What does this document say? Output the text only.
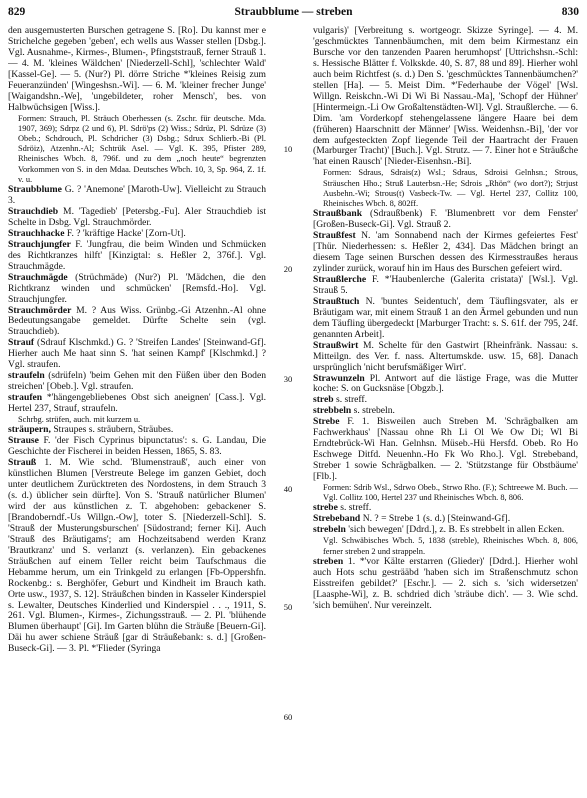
829	Straubblume — streben	830

den ausgemusterten Burschen getragene S. [Ro]. Du kannst mer e Strichelche gegeben 'geben', ech wells aus Wasser stellen [Dsbg.]. Vgl. Ausnahme-, Kirmes-, Blumen-, Pfingststrauß, ferner Strauß 1. — 4. M. 'kleines Wäldchen' [Niederzell-Schl], 'schlechter Wald' [Kassel-Ge]. — 5. (Nur?) Pl. dörre Striche *'kleines Reisig zum Feueranzünden' [Wingeshsn.-Wi]. — 6. M. 'kleiner frecher Junge' [Waigandshn.-We], 'ungebildeter, roher Mensch', bes. von Halbwüchsigen [Wiss.].

Formen: Strauch, Pl. Sträuch Oberhessen (s. Zschr. für deutsche. Mda. 1907, 369); Sdrpz (2 und 6), Pl. Sdrö'ps (2) Wiss.; Sdrüz, Pl. Sdrüze (3) Obeb.; Schdrouch, Pl. Schdricher (3) Dsbg.; Sdrux Schlierb.-Bi (Pl. Sdröiz), Atzenhn.-Al; Schtrük Asel. — Vgl. K. 395, Pfister 289, Rheinisches Wbch. 8, 796f. und zu dem „noch heute“ begrenzten Vorkommen von S. in den Mdaa. Deutsches Wbch. 10, 3, Sp. 964, Z. 1f. v. u.

Straubblume G. ? 'Anemone' [Maroth-Uw]. Vielleicht zu Strauch 3.

Strauchdieb M. 'Tagedieb' [Petersbg.-Fu]. Aler Strauchdieb ist Schelte in Dsbg. Vgl. Strauchmörder.

Strauchhacke F. ? 'kräftige Hacke' [Zorn-Ut].

Strauchjungfer F. 'Jungfrau, die beim Winden und Schmücken des Richtkranzes hilft' [Kinzigtal: s. Heßler 2, 376f.]. Vgl. Strauchmägde.

Strauchmägde (Strüchmäde) (Nur?) Pl. 'Mädchen, die den Richtkranz winden und schmücken' [Remsfd.-Ho]. Vgl. Strauchjungfer.

Strauchmörder M. ? Aus Wiss. Grünbg.-Gi Atzenhn.-Al ohne Bedeutungsangabe gemeldet. Dürfte Schelte sein (vgl. Strauchdieb).

Strauf (Sdrauf Klschmkd.) G. ? 'Streifen Landes' [Steinwand-Gf]. Hierher auch Me haat sinn S. 'hat seinen Kampf' [Klschmkd.] ? Vgl. straufen.

straufeln (sdrüfeln) 'beim Gehen mit den Füßen über den Boden streichen' [Obeb.]. Vgl. straufen.

straufen *'hängengebliebenes Obst sich aneignen' [Cass.]. Vgl. Hertel 237, Strauf, straufeln.

Schrbg. strüfen, auch. mit kurzem u.

sträupern, Straupes s. sträubern, Sträubes.

Strause F. 'der Fisch Cyprinus bipunctatus': s. G. Landau, Die Geschichte der Fischerei in beiden Hessen, 1865, S. 83.

Strauß 1. M. Wie schd. 'Blumenstrauß', auch einer von künstlichen Blumen [Verstreute Belege im ganzen Gebiet, doch unter deutlichem Zurücktreten des Nordostens, in dem Strauch 3 (s. d.) üblicher sein dürfte]. Von S. 'Strauß natürlicher Blumen' wird der aus künstlichen z. T. abgehoben: gebackener S. [Brandoberndf.-Us Willgn.-Ow], toter S. [Niederzell-Schl]. S. 'Strauß der Musterungsburschen' [Südostrand; ferner Ki]. Auch 'Strauß des Bräutigams'; am Hochzeitsabend werden Kranz 'Brautkranz' und S. verlanzt (s. verlanzen). Ein gebackenes Sträußchen auf einem Teller reicht beim Taufschmaus die Hebamme herum, um ein Trinkgeld zu erlangen [Fb-Oppershfn. Rockenbg.: s. Berghöfer, Geburt und Kindheit im Brauch kath. Orte usw., 1937, S. 12]. Sträußchen binden in Kasseler Kinderspiel s. Lewalter, Deutsches Kinderlied und Kinderspiel . . ., 1911, S. 261. Vgl. Blumen-, Kirmes-, Zichungsstrauß. — 2. Pl. 'blühende Blumen überhaupt' [Gi]. Im Garten blühn die Sträuße [Beuern-Gi]. Däi hu awer schiene Sträuß [gar di Sträußebank: s. d.] [Großen-Buseck-Gi]. — 3. Pl. *'Flieder (Syringa

10
20
30
40
50
60

vulgaris)' [Verbreitung s. wortgeogr. Skizze Syringe]. — 4. M. 'geschmücktes Tannenbäumchen, mit dem beim Kirmestanz ein Bursche vor den tanzenden Paaren herumhopst' [Uttrichshsn.-Schl: s. Hessische Blätter f. Volkskde. 40, S. 87, 88 und 89]. Hierher wohl auch beim Richtfest (s. d.) Den S. 'geschmücktes Tannenbäumchen?' stellen [Ha]. — 5. Meist Dim. *'Federhaube der Vögel' [Wsl. Willgn. Reiskchn.-Wi Di Wi Bi Nassau.-Ma], 'Schopf der Hühner' [Hintermeign.-Li Ow Großaltenstädten-Wl]. Vgl. Straußlerche. — 6. Dim. 'am Vorderkopf stehengelassene längere Haare bei dem (früheren) Haarschnitt der Männer' [Wiss. Weidenhsn.-Bi], 'der vor dem aufgesteckten Zopf liegende Teil der Haartracht der Frauen (Marburger Tracht)' [Buch.]. Vgl. Strutz. — 7. Einer hot e Sträußche 'hat einen Rausch' [Nieder-Eisenhsn.-Bi].

Formen: Sdraus, Sdrais(z) Wsl.; Sdraus, Sdroisi Gelnhsn.; Strous, Sträuschen Hho.; Struß Lauterbsn.-He; Sdrois „Rhön“ (wo dort?); Strjust Ausbehn.-Wi; Strous(t) Vasbeck-Tw. — Vgl. Hertel 237, Collitz 100, Rheinisches Wbch. 8, 802ff.

Straußbank (Sdraußbenk) F. 'Blumenbrett vor dem Fenster' [Großen-Buseck-Gi]. Vgl. Strauß 2.

Straußfest N. 'am Sonnabend nach der Kirmes gefeiertes Fest' [Thür. Niederhessen: s. Heßler 2, 434]. Das Mädchen bringt an diesem Tage seinen Burschen dessen des Kirmesstraußes heraus zylinder zurück, worauf hin im Haus des Burschen gefeiert wird.

Straußlerche F. *'Haubenlerche (Galerita cristata)' [Wsl.]. Vgl. Strauß 5.

Straußtuch N. 'buntes Seidentuch', dem Täuflingsvater, als er Bräutigam war, mit einem Strauß 1 an den Ärmel gebunden und nun dem Täufling übergedeckt [Marburger Tracht: s. S. 61f. der 795, 24f. genannten Arbeit].

Straußwirt M. Schelte für den Gastwirt [Rheinfränk. Nassau: s. Mitteilgn. des Ver. f. nass. Altertumskde. usw. 15, 68]. Danach ursprünglich 'nicht berufsmäßiger Wirt'.

Strawunzeln Pl. Antwort auf die lästige Frage, was die Mutter koche: S. on Gucksnäse [Obgzb.].

streb s. streff.

strebbeln s. strebeln.

Strebe F. 1. Bisweilen auch Streben M. 'Schrägbalken am Fachwerkhaus' [Nassau ohne Rh Li Ol We Ow Di; Wl Bi Erndtebrück-Wi Han. Gelnhsn. Müseb.-Hü Hersfd. Obeb. Ro Ho Eschwege Ditfd. Neuenhn.-Ho Fk Wo Rho.]. Vgl. Strebeband, Streber 1 sowie Schrägbalken. — 2. 'Stützstange für Obstbäume' [Flb.].

Formen: Sdrib Wsl., Sdrwo Obeb., Strwo Rho. (F.); Schtreewe M. Buch. — Vgl. Collitz 100, Hertel 237 und Rheinisches Wbch. 8, 806.

strebe s. streff.

Strebeband N. ? = Strebe 1 (s. d.) [Steinwand-Gf].

strebeln 'sich bewegen' [Ddrd.], z. B. Es strebbelt in allen Ecken.

Vgl. Schwäbisches Wbch. 5, 1838 (streble), Rheinisches Wbch. 8, 806, ferner streben 2 und strappeln.

streben 1. *'vor Kälte erstarren (Glieder)' [Ddrd.]. Hierher wohl auch Hots schu gesträäbd 'haben sich im Straßenschmutz schon Eisstreifen gebildet?' [Eschr.]. — 2. sich s. 'sich widersetzen' [Laasphe-Wi], z. B. schdried dich 'sträube dich'. — 3. Wie schd. 'sich bemühen'. Nur vereinzelt.
